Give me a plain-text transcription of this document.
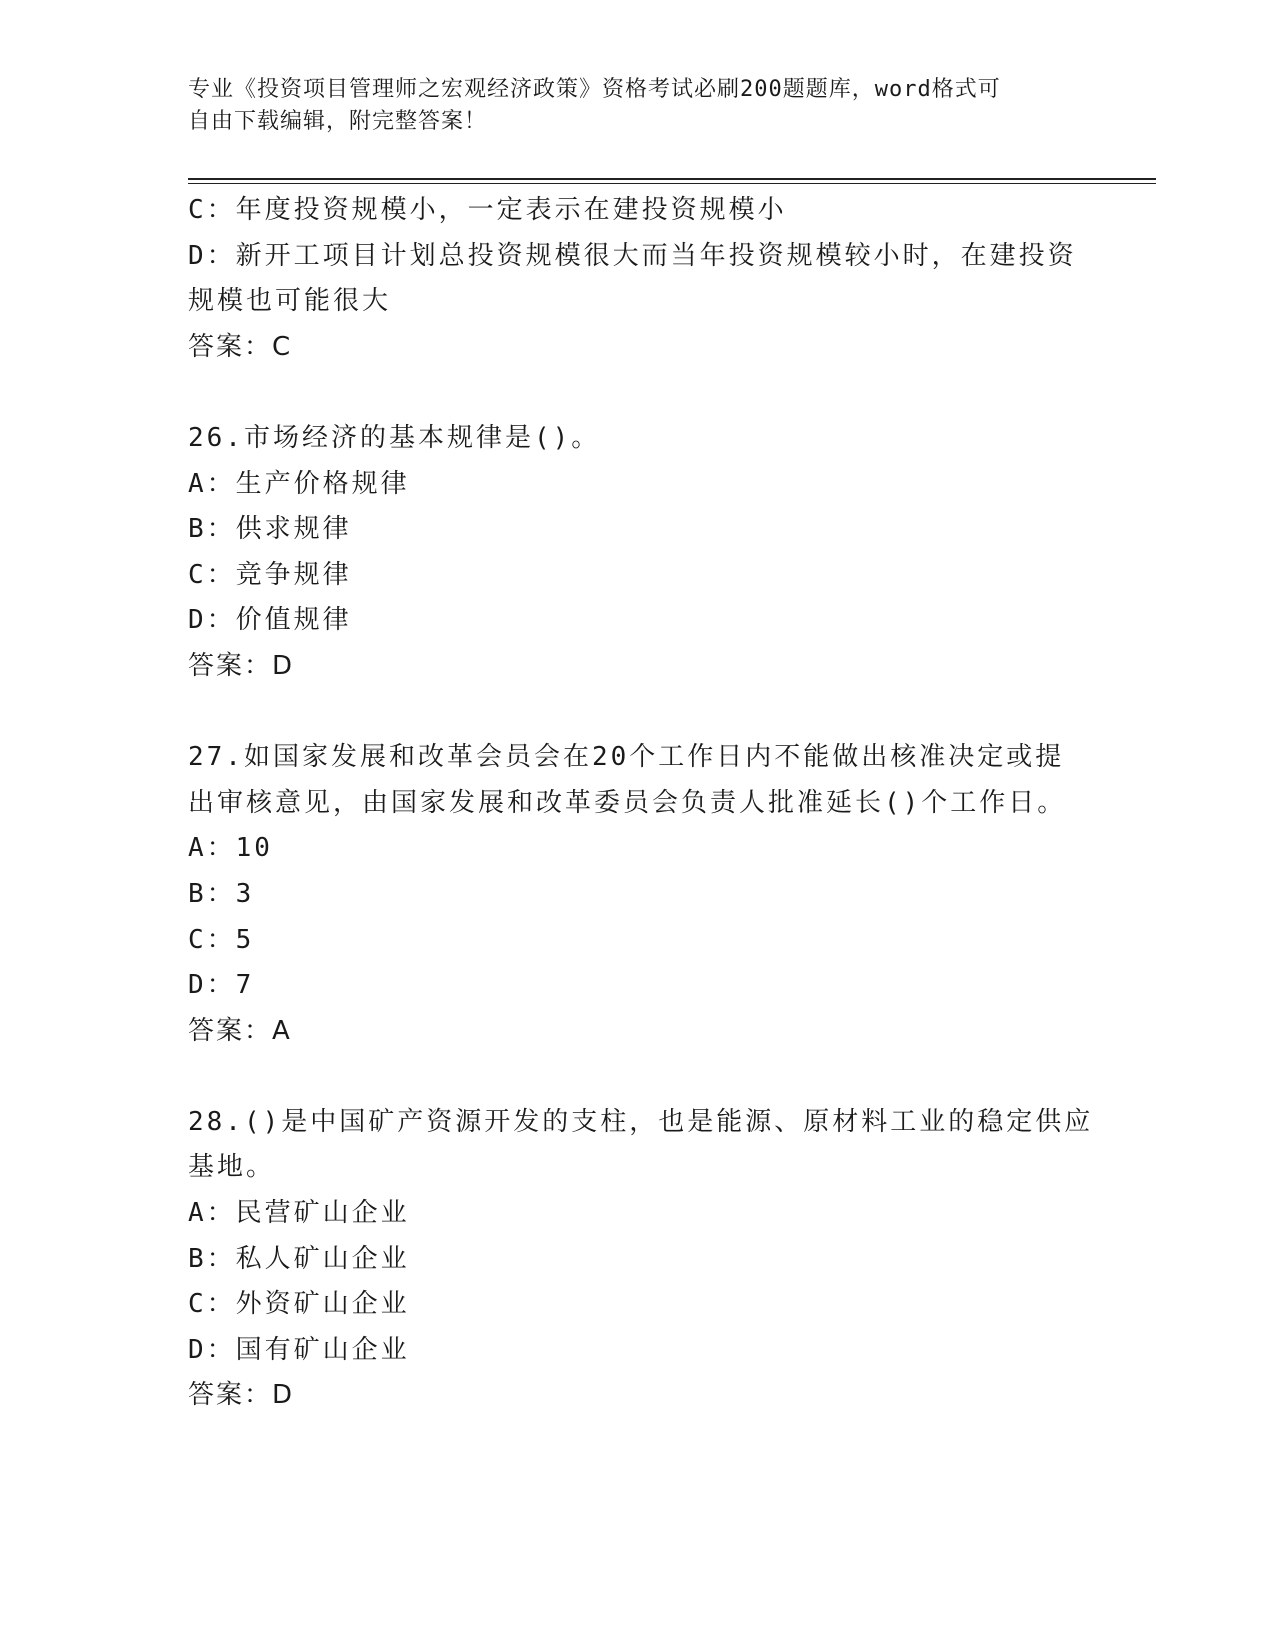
专业《投资项目管理师之宏观经济政策》资格考试必刷200题题库，word格式可
自由下载编辑，附完整答案！
C：年度投资规模小，一定表示在建投资规模小
D：新开工项目计划总投资规模很大而当年投资规模较小时，在建投资
规模也可能很大
答案：C
26.市场经济的基本规律是()。
A：生产价格规律
B：供求规律
C：竞争规律
D：价值规律
答案：D
27.如国家发展和改革会员会在20个工作日内不能做出核准决定或提
出审核意见，由国家发展和改革委员会负责人批准延长()个工作日。
A：10
B：3
C：5
D：7
答案：A
28.()是中国矿产资源开发的支柱，也是能源、原材料工业的稳定供应
基地。
A：民营矿山企业
B：私人矿山企业
C：外资矿山企业
D：国有矿山企业
答案：D
